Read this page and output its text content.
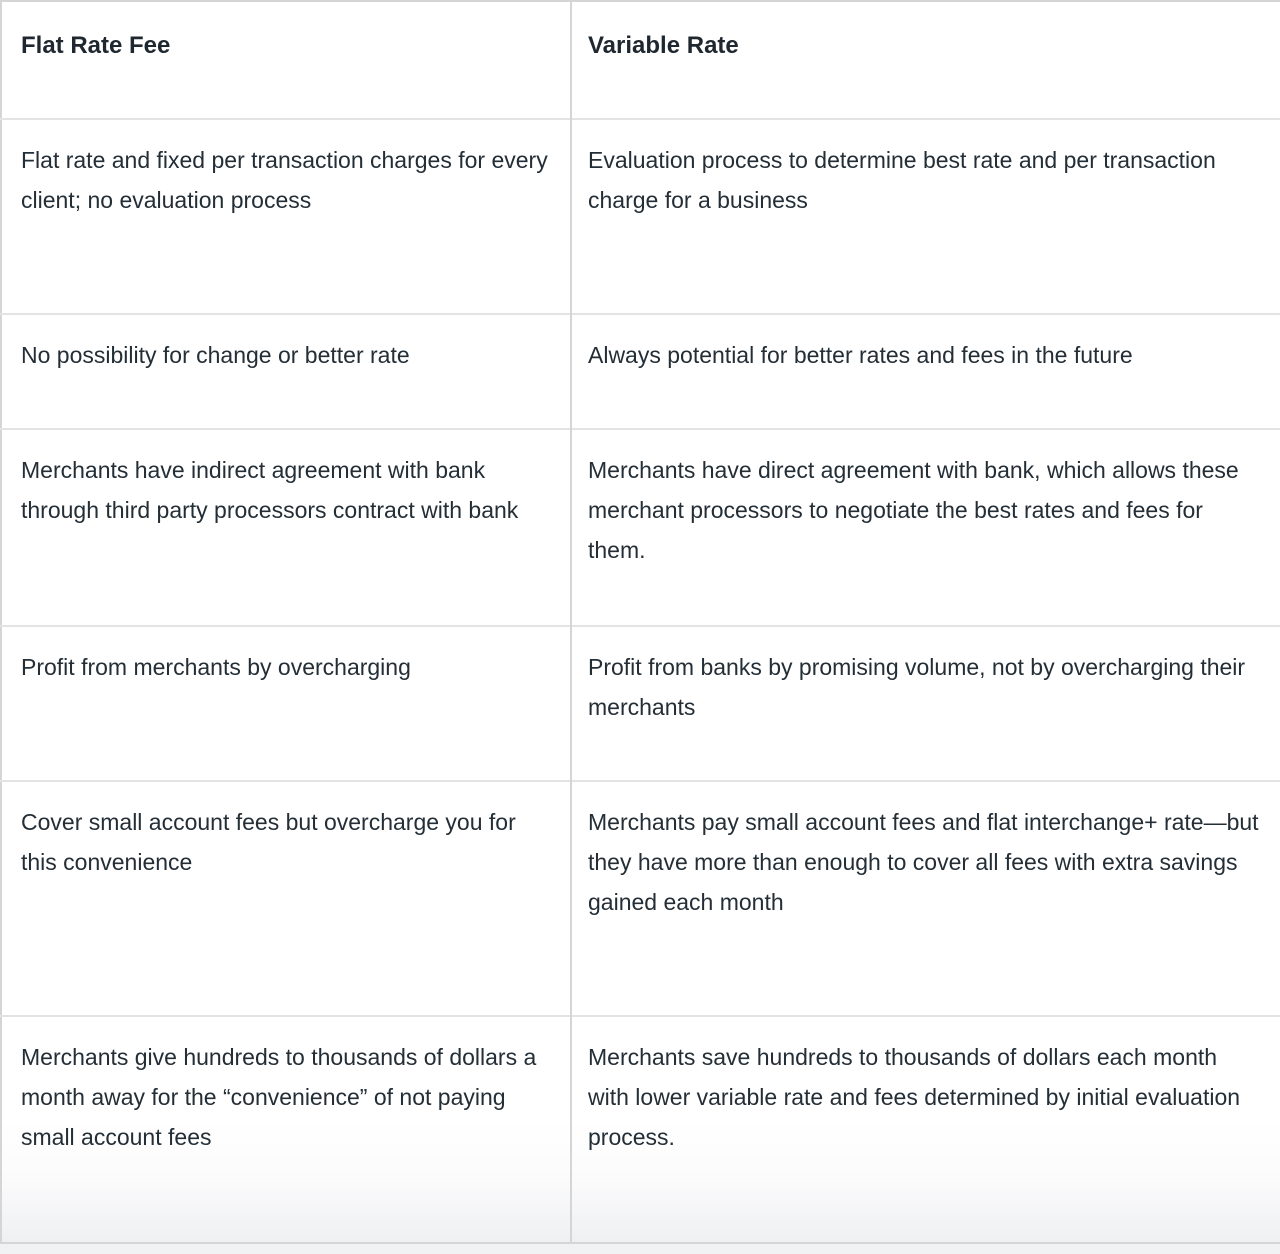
Flat Rate Fee	Variable Rate
Flat rate and fixed per transaction charges for every client; no evaluation process	Evaluation process to determine best rate and per transaction charge for a business
No possibility for change or better rate	Always potential for better rates and fees in the future
Merchants have indirect agreement with bank through third party processors contract with bank	Merchants have direct agreement with bank, which allows these merchant processors to negotiate the best rates and fees for them.
Profit from merchants by overcharging	Profit from banks by promising volume, not by overcharging their merchants
Cover small account fees but overcharge you for this convenience	Merchants pay small account fees and flat interchange+ rate—but they have more than enough to cover all fees with extra savings gained each month
Merchants give hundreds to thousands of dollars a month away for the “convenience” of not paying small account fees	Merchants save hundreds to thousands of dollars each month with lower variable rate and fees determined by initial evaluation process.
